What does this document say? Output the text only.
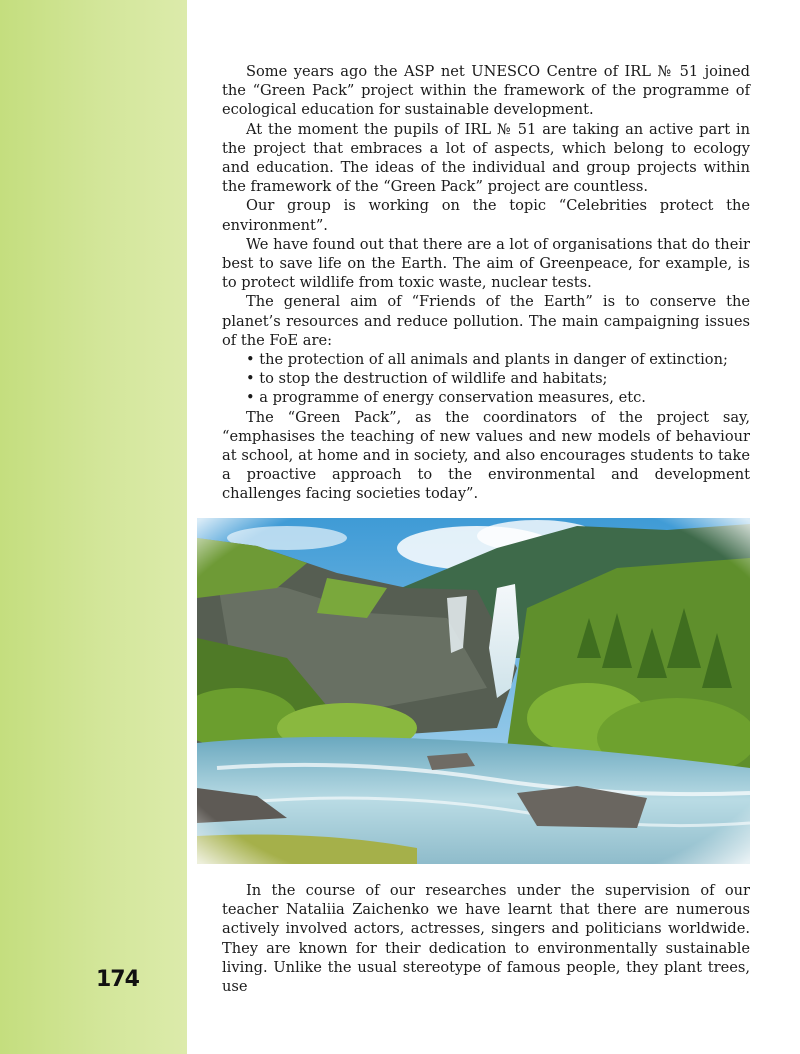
174

Some years ago the ASP net UNESCO Centre of IRL № 51 joined the “Green Pack” project within the framework of the programme of ecological education for sustainable development.

At the moment the pupils of IRL № 51 are taking an active part in the project that embraces a lot of aspects, which belong to ecology and education. The ideas of the individual and group projects within the framework of the “Green Pack” project are countless.

Our group is working on the topic “Celebrities protect the environment”.

We have found out that there are a lot of organisations that do their best to save life on the Earth. The aim of Greenpeace, for example, is to protect wildlife from toxic waste, nuclear tests.

The general aim of “Friends of the Earth” is to conserve the planet’s resources and reduce pollution. The main campaigning issues of the FoE are:

• the protection of all animals and plants in danger of extinction;
• to stop the destruction of wildlife and habitats;
• a programme of energy conservation measures, etc.

The “Green Pack”, as the coordinators of the project say, “emphasises the teaching of new values and new models of behaviour at school, at home and in society, and also encourages students to take a proactive approach to the environmental and development challenges facing societies today”.

In the course of our researches under the supervision of our teacher Nataliia Zaichenko we have learnt that there are numerous actively involved actors, actresses, singers and politicians worldwide. They are known for their dedication to environmentally sustainable living. Unlike the usual stereotype of famous people, they plant trees, use
